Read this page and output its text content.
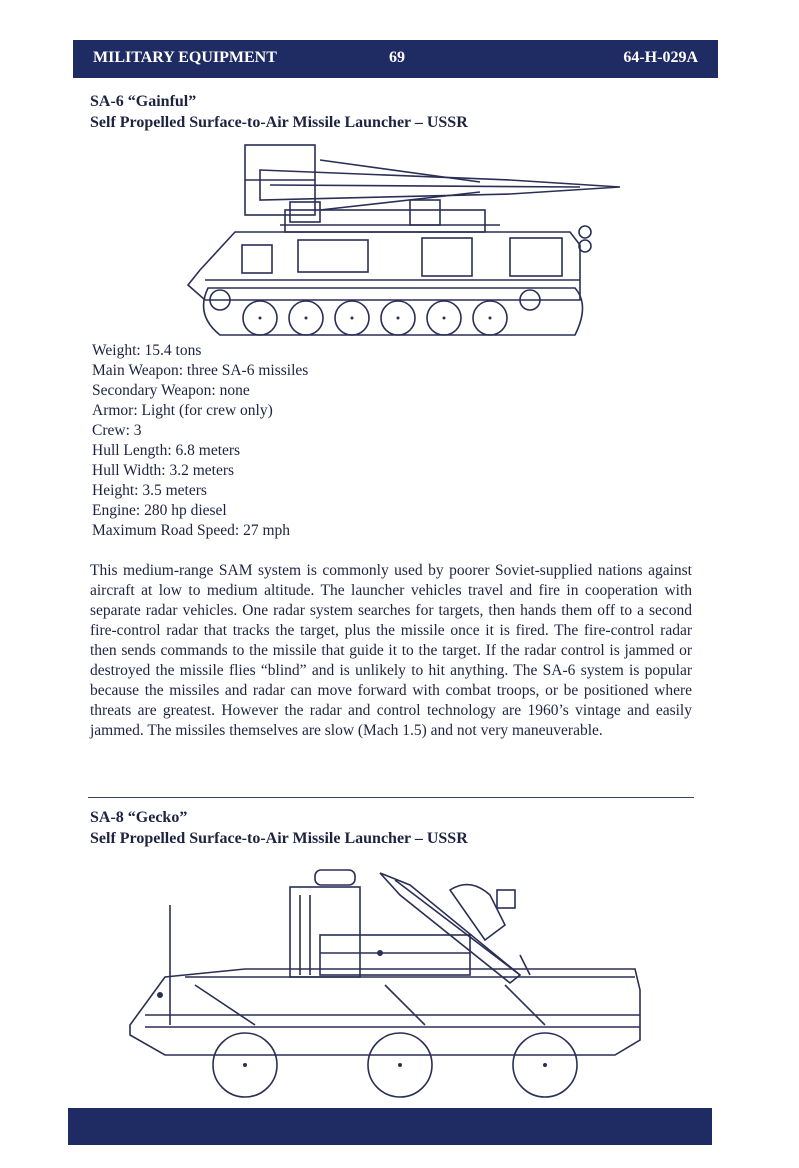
MILITARY EQUIPMENT	69	64-H-029A
SA-6 “Gainful”
Self Propelled Surface-to-Air Missile Launcher – USSR
Weight: 15.4 tons
Main Weapon: three SA-6 missiles
Secondary Weapon: none
Armor: Light (for crew only)
Crew: 3
Hull Length: 6.8 meters
Hull Width: 3.2 meters
Height: 3.5 meters
Engine: 280 hp diesel
Maximum Road Speed: 27 mph
This medium-range SAM system is commonly used by poorer Soviet-supplied nations against aircraft at low to medium altitude. The launcher vehicles travel and fire in cooperation with separate radar vehicles. One radar system searches for targets, then hands them off to a second fire-control radar that tracks the target, plus the missile once it is fired. The fire-control radar then sends commands to the missile that guide it to the target. If the radar control is jammed or destroyed the missile flies “blind” and is unlikely to hit anything. The SA-6 system is popular because the missiles and radar can move forward with combat troops, or be positioned where threats are greatest. However the radar and control technology are 1960’s vintage and easily jammed. The missiles themselves are slow (Mach 1.5) and not very maneuverable.
SA-8 “Gecko”
Self Propelled Surface-to-Air Missile Launcher – USSR
